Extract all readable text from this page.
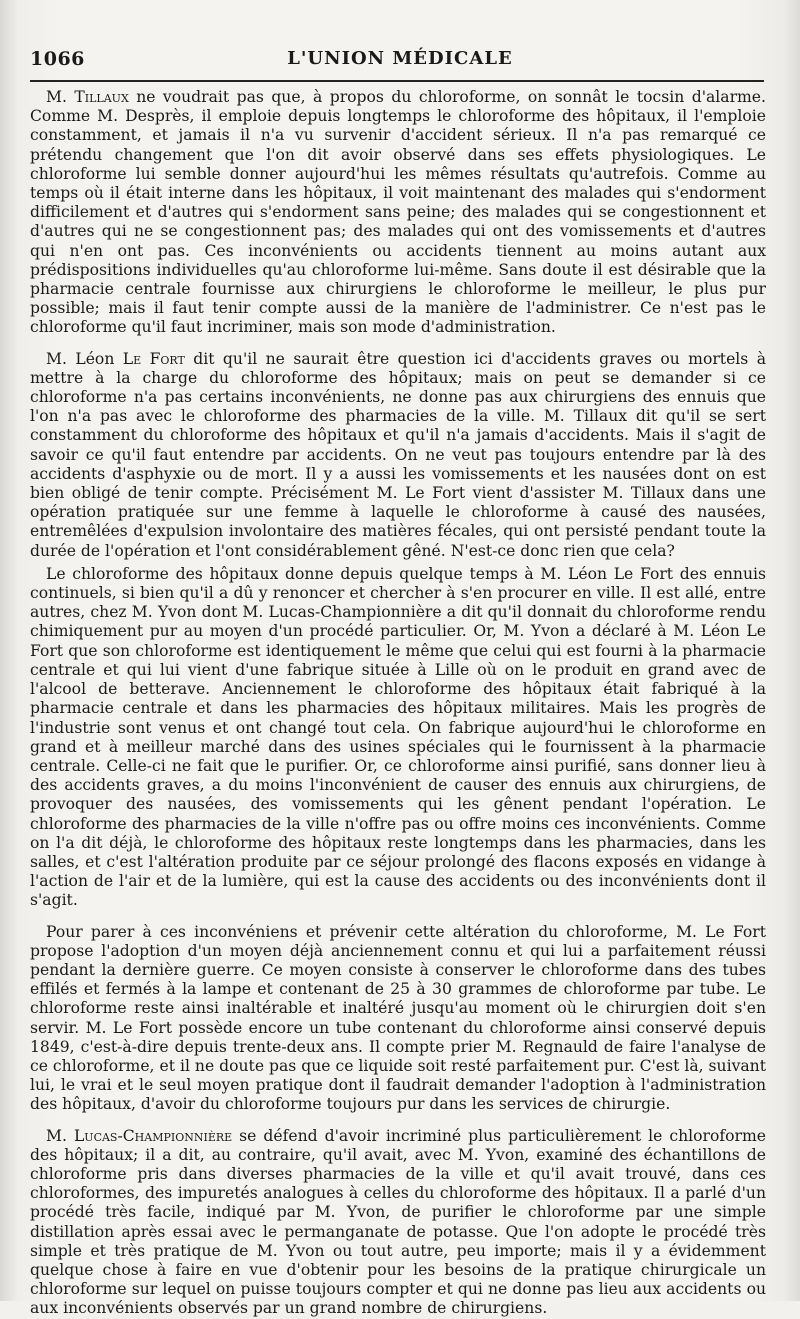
1066	L'UNION MÉDICALE

M. Tillaux ne voudrait pas que, à propos du chloroforme, on sonnât le tocsin d'alarme. Comme M. Desprès, il emploie depuis longtemps le chloroforme des hôpitaux, il l'emploie constamment, et jamais il n'a vu survenir d'accident sérieux. Il n'a pas remarqué ce prétendu changement que l'on dit avoir observé dans ses effets physiologiques. Le chloroforme lui semble donner aujourd'hui les mêmes résultats qu'autrefois. Comme au temps où il était interne dans les hôpitaux, il voit maintenant des malades qui s'endorment difficilement et d'autres qui s'endorment sans peine; des malades qui se congestionnent et d'autres qui ne se congestionnent pas; des malades qui ont des vomissements et d'autres qui n'en ont pas. Ces inconvénients ou accidents tiennent au moins autant aux prédispositions individuelles qu'au chloroforme lui-même. Sans doute il est désirable que la pharmacie centrale fournisse aux chirurgiens le chloroforme le meilleur, le plus pur possible; mais il faut tenir compte aussi de la manière de l'administrer. Ce n'est pas le chloroforme qu'il faut incriminer, mais son mode d'administration.

M. Léon Le Fort dit qu'il ne saurait être question ici d'accidents graves ou mortels à mettre à la charge du chloroforme des hôpitaux; mais on peut se demander si ce chloroforme n'a pas certains inconvénients, ne donne pas aux chirurgiens des ennuis que l'on n'a pas avec le chloroforme des pharmacies de la ville. M. Tillaux dit qu'il se sert constamment du chloroforme des hôpitaux et qu'il n'a jamais d'accidents. Mais il s'agit de savoir ce qu'il faut entendre par accidents. On ne veut pas toujours entendre par là des accidents d'asphyxie ou de mort. Il y a aussi les vomissements et les nausées dont on est bien obligé de tenir compte. Précisément M. Le Fort vient d'assister M. Tillaux dans une opération pratiquée sur une femme à laquelle le chloroforme à causé des nausées, entremêlées d'expulsion involontaire des matières fécales, qui ont persisté pendant toute la durée de l'opération et l'ont considérablement gêné. N'est-ce donc rien que cela?

Le chloroforme des hôpitaux donne depuis quelque temps à M. Léon Le Fort des ennuis continuels, si bien qu'il a dû y renoncer et chercher à s'en procurer en ville. Il est allé, entre autres, chez M. Yvon dont M. Lucas-Championnière a dit qu'il donnait du chloroforme rendu chimiquement pur au moyen d'un procédé particulier. Or, M. Yvon a déclaré à M. Léon Le Fort que son chloroforme est identiquement le même que celui qui est fourni à la pharmacie centrale et qui lui vient d'une fabrique située à Lille où on le produit en grand avec de l'alcool de betterave. Anciennement le chloroforme des hôpitaux était fabriqué à la pharmacie centrale et dans les pharmacies des hôpitaux militaires. Mais les progrès de l'industrie sont venus et ont changé tout cela. On fabrique aujourd'hui le chloroforme en grand et à meilleur marché dans des usines spéciales qui le fournissent à la pharmacie centrale. Celle-ci ne fait que le purifier. Or, ce chloroforme ainsi purifié, sans donner lieu à des accidents graves, a du moins l'inconvénient de causer des ennuis aux chirurgiens, de provoquer des nausées, des vomissements qui les gênent pendant l'opération. Le chloroforme des pharmacies de la ville n'offre pas ou offre moins ces inconvénients. Comme on l'a dit déjà, le chloroforme des hôpitaux reste longtemps dans les pharmacies, dans les salles, et c'est l'altération produite par ce séjour prolongé des flacons exposés en vidange à l'action de l'air et de la lumière, qui est la cause des accidents ou des inconvénients dont il s'agit.

Pour parer à ces inconvéniens et prévenir cette altération du chloroforme, M. Le Fort propose l'adoption d'un moyen déjà anciennement connu et qui lui a parfaitement réussi pendant la dernière guerre. Ce moyen consiste à conserver le chloroforme dans des tubes effilés et fermés à la lampe et contenant de 25 à 30 grammes de chloroforme par tube. Le chloroforme reste ainsi inaltérable et inaltéré jusqu'au moment où le chirurgien doit s'en servir. M. Le Fort possède encore un tube contenant du chloroforme ainsi conservé depuis 1849, c'est-à-dire depuis trente-deux ans. Il compte prier M. Regnauld de faire l'analyse de ce chloroforme, et il ne doute pas que ce liquide soit resté parfaitement pur. C'est là, suivant lui, le vrai et le seul moyen pratique dont il faudrait demander l'adoption à l'administration des hôpitaux, d'avoir du chloroforme toujours pur dans les services de chirurgie.

M. Lucas-Championnière se défend d'avoir incriminé plus particulièrement le chloroforme des hôpitaux; il a dit, au contraire, qu'il avait, avec M. Yvon, examiné des échantillons de chloroforme pris dans diverses pharmacies de la ville et qu'il avait trouvé, dans ces chloroformes, des impuretés analogues à celles du chloroforme des hôpitaux. Il a parlé d'un procédé très facile, indiqué par M. Yvon, de purifier le chloroforme par une simple distillation après essai avec le permanganate de potasse. Que l'on adopte le procédé très simple et très pratique de M. Yvon ou tout autre, peu importe; mais il y a évidemment quelque chose à faire en vue d'obtenir pour les besoins de la pratique chirurgicale un chloroforme sur lequel on puisse toujours compter et qui ne donne pas lieu aux accidents ou aux inconvénients observés par un grand nombre de chirurgiens.
